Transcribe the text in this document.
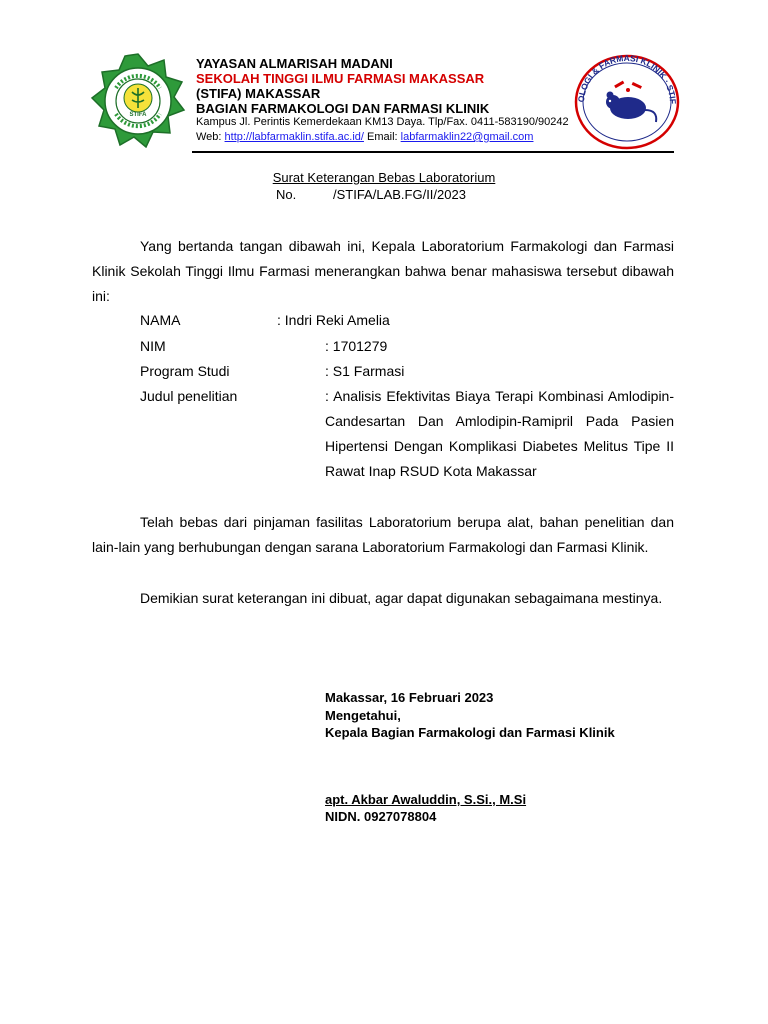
STIFA
YAYASAN ALMARISAH MADANI
SEKOLAH TINGGI ILMU FARMASI MAKASSAR
(STIFA) MAKASSAR
BAGIAN FARMAKOLOGI DAN FARMASI KLINIK
Kampus Jl. Perintis Kemerdekaan KM13 Daya. Tlp/Fax. 0411-583190/90242
Web: http://labfarmaklin.stifa.ac.id/ Email: labfarmaklin22@gmail.com
OLOGI & FARMASI KLINIK · STIF
Surat Keterangan Bebas Laboratorium
No.	/STIFA/LAB.FG/II/2023
Yang bertanda tangan dibawah ini, Kepala Laboratorium Farmakologi dan Farmasi Klinik Sekolah Tinggi Ilmu Farmasi menerangkan bahwa benar mahasiswa tersebut dibawah ini:
NAMA	: Indri Reki Amelia
NIM	: 1701279
Program Studi	: S1 Farmasi
Judul penelitian	: Analisis Efektivitas Biaya Terapi Kombinasi Amlodipin-Candesartan Dan Amlodipin-Ramipril Pada Pasien Hipertensi Dengan Komplikasi Diabetes Melitus Tipe II Rawat Inap RSUD Kota Makassar
Telah bebas dari pinjaman fasilitas Laboratorium berupa alat, bahan penelitian dan lain-lain yang berhubungan dengan sarana Laboratorium Farmakologi dan Farmasi Klinik.
Demikian surat keterangan ini dibuat, agar dapat digunakan sebagaimana mestinya.
Makassar, 16 Februari 2023
Mengetahui,
Kepala Bagian Farmakologi dan Farmasi Klinik
apt. Akbar Awaluddin, S.Si., M.Si
NIDN. 0927078804
